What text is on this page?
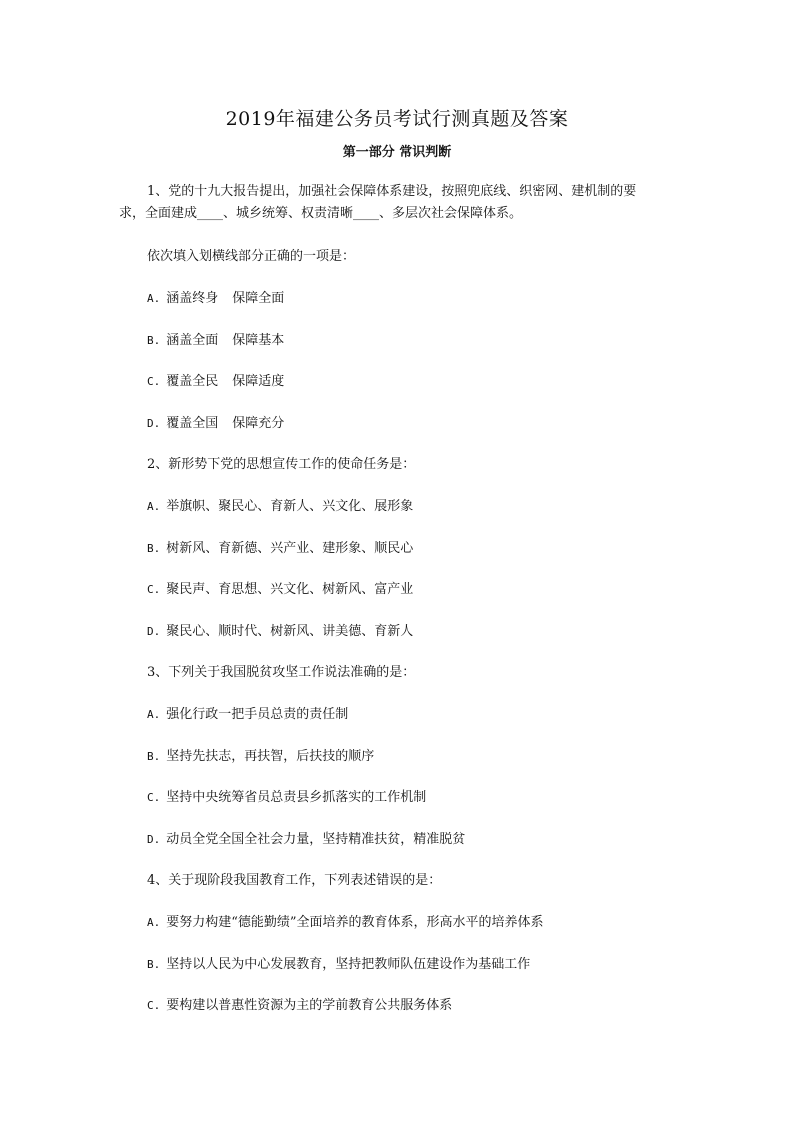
2019年福建公务员考试行测真题及答案
第一部分 常识判断
1、党的十九大报告提出，加强社会保障体系建设，按照兜底线、织密网、建机制的要
求，全面建成____、城乡统筹、权责清晰____、多层次社会保障体系。
依次填入划横线部分正确的一项是：
A. 涵盖终身 保障全面
B. 涵盖全面 保障基本
C. 覆盖全民 保障适度
D. 覆盖全国 保障充分
2、新形势下党的思想宣传工作的使命任务是：
A. 举旗帜、聚民心、育新人、兴文化、展形象
B. 树新风、育新德、兴产业、建形象、顺民心
C. 聚民声、育思想、兴文化、树新风、富产业
D. 聚民心、顺时代、树新风、讲美德、育新人
3、下列关于我国脱贫攻坚工作说法准确的是：
A. 强化行政一把手员总责的责任制
B. 坚持先扶志，再扶智，后扶技的顺序
C. 坚持中央统筹省员总责县乡抓落实的工作机制
D. 动员全党全国全社会力量，坚持精准扶贫，精准脱贫
4、关于现阶段我国教育工作，下列表述错误的是：
A. 要努力构建“德能勤绩”全面培养的教育体系，形高水平的培养体系
B. 坚持以人民为中心发展教育，坚持把教师队伍建设作为基础工作
C. 要构建以普惠性资源为主的学前教育公共服务体系
